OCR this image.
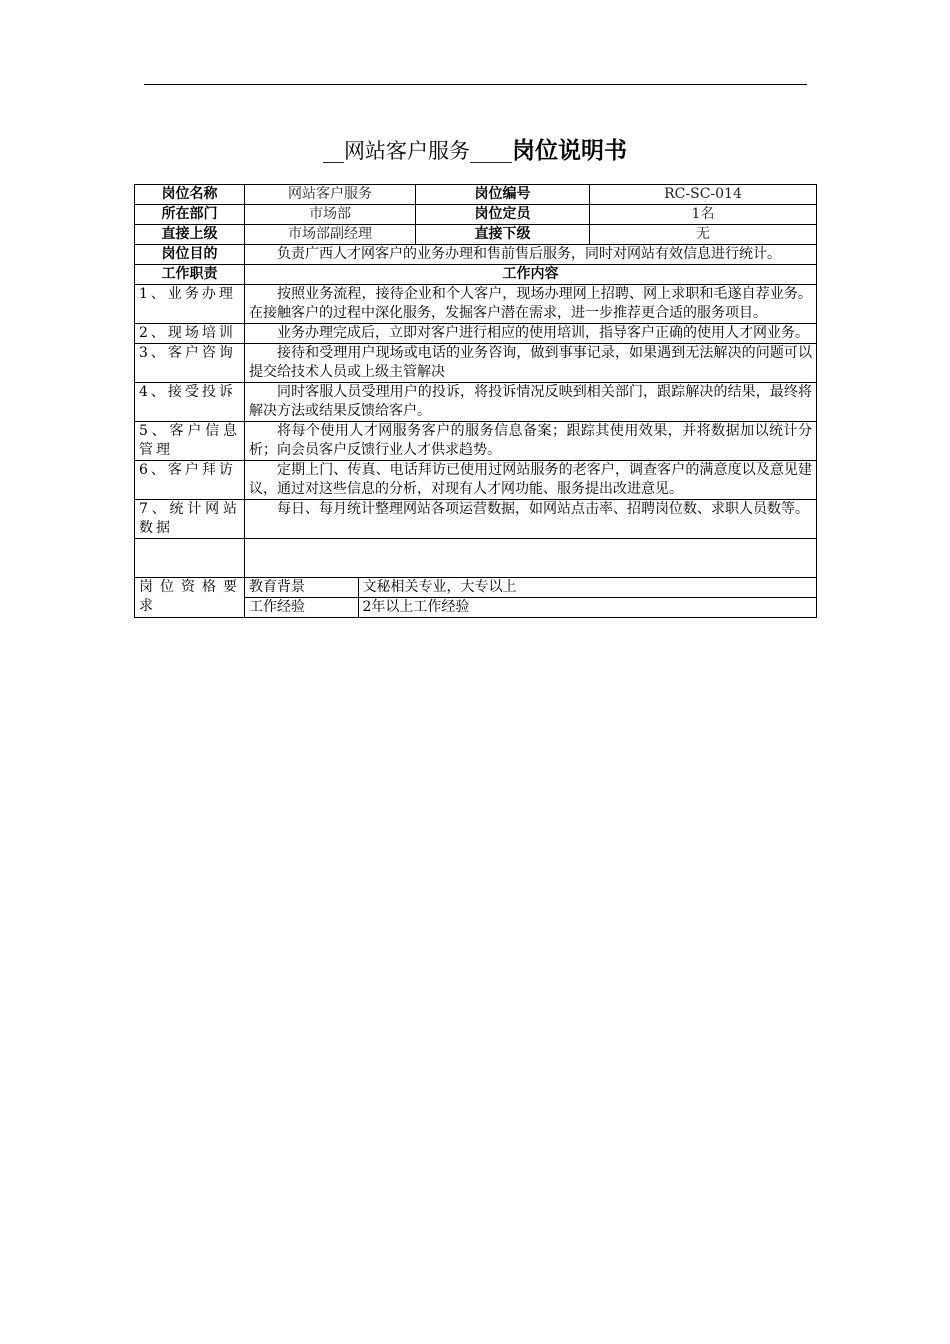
__网站客户服务____岗位说明书
岗位名称	网站客户服务	岗位编号	RC-SC-014
所在部门	市场部	岗位定员	1名
直接上级	市场部副经理	直接下级	无
岗位目的	负责广西人才网客户的业务办理和售前售后服务，同时对网站有效信息进行统计。
工作职责	工作内容
1、业务办理	按照业务流程，接待企业和个人客户，现场办理网上招聘、网上求职和毛遂自荐业务。在接触客户的过程中深化服务，发掘客户潜在需求，进一步推荐更合适的服务项目。
2、现场培训	业务办理完成后，立即对客户进行相应的使用培训，指导客户正确的使用人才网业务。
3、客户咨询	接待和受理用户现场或电话的业务咨询，做到事事记录，如果遇到无法解决的问题可以提交给技术人员或上级主管解决
4、接受投诉	同时客服人员受理用户的投诉，将投诉情况反映到相关部门，跟踪解决的结果，最终将解决方法或结果反馈给客户。
5、客户信息管理	将每个使用人才网服务客户的服务信息备案；跟踪其使用效果，并将数据加以统计分析；向会员客户反馈行业人才供求趋势。
6、客户拜访	定期上门、传真、电话拜访已使用过网站服务的老客户，调查客户的满意度以及意见建议，通过对这些信息的分析，对现有人才网功能、服务提出改进意见。
7、统计网站数据	每日、每月统计整理网站各项运营数据，如网站点击率、招聘岗位数、求职人员数等。

岗位资格要求	
教育背景	文秘相关专业，大专以上
工作经验	2年以上工作经验
